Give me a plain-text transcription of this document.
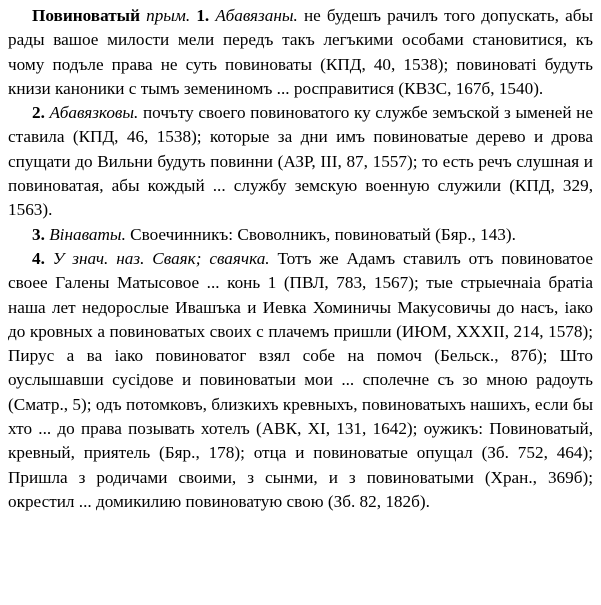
Повиноватый прым. 1. Абавязаны. не будешъ рачилъ того допускать, абы рады вашое милости мели передъ такъ легъкими особами становитися, къ чому подъле права не суть повиноваты (КПД, 40, 1538); повиноватi будуть книзи каноники с тымъ земениномъ ... росправитися (КВЗС, 167б, 1540).

2. Абавязковы. почъту своего повиноватого ку службе земъской з ыменей не ставила (КПД, 46, 1538); которые за дни имъ повиноватые дерево и дрова спущати до Вильни будуть повинни (АЗР, III, 87, 1557); то есть речъ слушная и повиноватая, абы кождый ... службу земскую военную служили (КПД, 329, 1563).

3. Вінаваты. Своечинникъ: Своволникъ, повиноватый (Бяр., 143).

4. У знач. наз. Сваяк; сваячка. Тотъ же Адамъ ставилъ отъ повиноватое своее Галены Матысовое ... конь 1 (ПВЛ, 783, 1567); тые стрыечнаiа братiа наша лет недорослые Ивашъка и Иевка Хоминичы Макусовичы до насъ, iако до кровных а повиноватых своих с плачемъ пришли (ИЮМ, XXXII, 214, 1578); Пирус а ва iако повиноватог взял собе на помоч (Бельск., 87б); Што оуслышавши сусiдове и повиноватыи мои ... сполечне съ зо мною радоуть (Сматр., 5); одъ потомковъ, близкихъ кревныхъ, повиноватыхъ нашихъ, если бы хто ... до права позывать хотелъ (АВК, XI, 131, 1642); оужикъ: Повиноватый, кревный, приятель (Бяр., 178); отца и повиноватые опущал (Зб. 752, 464); Пришла з родичами своими, з сынми, и з повиноватыми (Хран., 369б); окрестил ... домикилию повиноватую свою (Зб. 82, 182б).
